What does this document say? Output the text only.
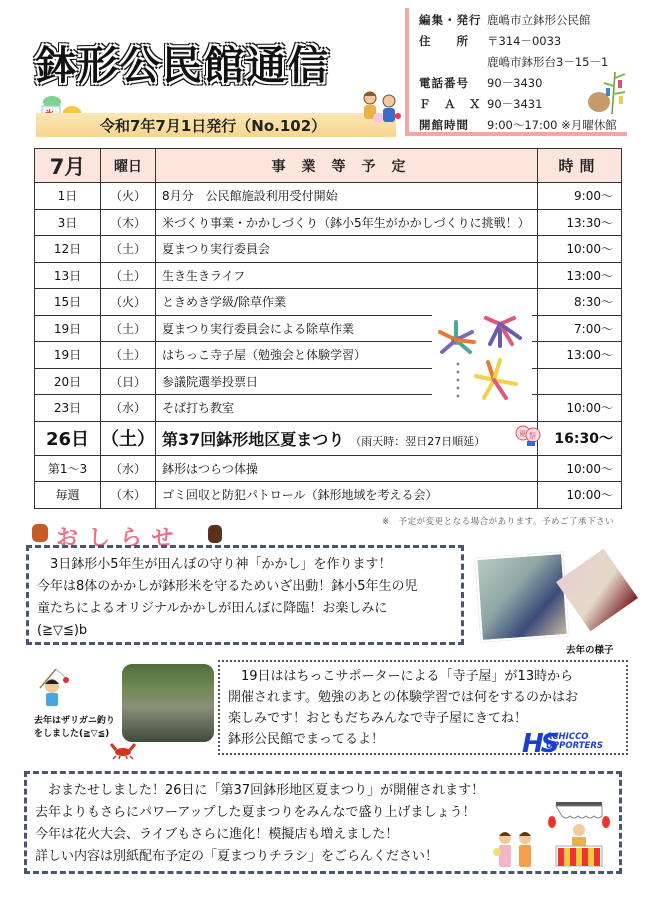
鉢形公民館通信
令和7年7月1日発行（No.102）
編集・発行 鹿嶋市立鉢形公民館
住　　所 〒314－0033
鹿嶋市鉢形台3－15－1
電話番号 90－3430
Ｆ　Ａ　Ｘ 90－3431
開館時間 9:00～17:00 ※月曜休館
7月	曜日	事業等予定	時間
1日	（火）	8月分　公民館施設利用受付開始	9:00～
3日	（木）	米づくり事業・かかしづくり（鉢小5年生がかかしづくりに挑戦！）	13:30～
12日	（土）	夏まつり実行委員会	10:00～
13日	（土）	生き生きライフ	13:00～
15日	（火）	ときめき学級/除草作業	8:30～
19日	（土）	夏まつり実行委員会による除草作業	7:00～
19日	（土）	はちっこ寺子屋（勉強会と体験学習）	13:00～
20日	（日）	参議院選挙投票日	
23日	（水）	そば打ち教室	10:00～
26日	（土）	第37回鉢形地区夏まつり （雨天時：翌日27日順延）	16:30～
第1～3	（水）	鉢形はつらつ体操	10:00～
毎週	（木）	ゴミ回収と防犯パトロール（鉢形地域を考える会）	10:00～
夏 祭
※　予定が変更となる場合があります。予めご了承下さい
おしらせ

3日鉢形小5年生が田んぼの守り神「かかし」を作ります！

今年は8体のかかしが鉢形米を守るためいざ出動！鉢小5年生の児

童たちによるオリジナルかかしが田んぼに降臨！お楽しみに

(≧▽≦)b

去年の様子
去年はザリガニ釣り
をしました(≧▽≦)

19日ははちっこサポーターによる「寺子屋」が13時から

開催されます。勉強のあとの体験学習では何をするのかはお

楽しみです！おともだちみんなで寺子屋にきてね！

鉢形公民館でまってるよ！	HS
ACHICCO
UPPORTERS

おまたせしました！26日に「第37回鉢形地区夏まつり」が開催されます！

去年よりもさらにパワーアップした夏まつりをみんなで盛り上げましょう！

今年は花火大会、ライブもさらに進化！模擬店も増えました！

詳しい内容は別紙配布予定の「夏まつりチラシ」をごらんください！
